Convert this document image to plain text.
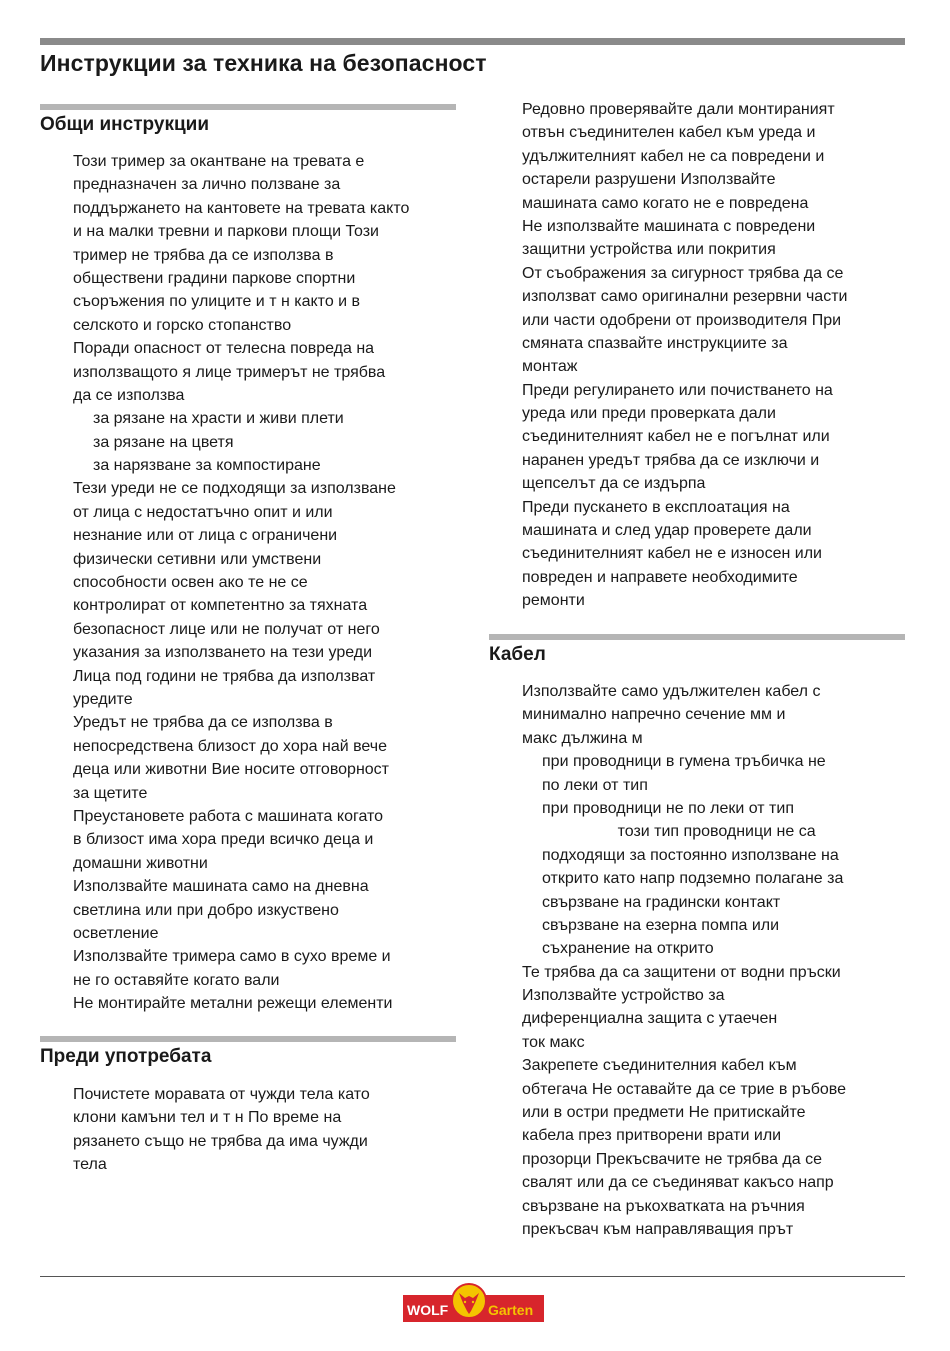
Инструкции за техника на безопасност
Общи инструкции
Този тример за окантване на тревата е
предназначен за лично ползване за
поддържането на кантовете на тревата както
и на малки тревни и паркови площи Този
тример не трябва да се използва в
обществени градини паркове спортни
съоръжения по улиците и т н както и в
селското и горско стопанство
Поради опасност от телесна повреда на
използващото я лице тримерът не трябва
да се използва
за рязане на храсти и живи плети
за рязане на цветя
за нарязване за компостиране
Тези уреди не се подходящи за използване
от лица с недостатъчно опит и или
незнание или от лица с ограничени
физически сетивни или умствени
способности освен ако те не се
контролират от компетентно за тяхната
безопасност лице или не получат от него
указания за използването на тези уреди
Лица под години не трябва да използват
уредите
Уредът не трябва да се използва в
непосредствена близост до хора най вече
деца или животни Вие носите отговорност
за щетите
Преустановете работа с машината когато
в близост има хора преди всичко деца и
домашни животни
Използвайте машината само на дневна
светлина или при добро изкуствено
осветление
Използвайте тримера само в сухо време и
не го оставяйте когато вали
Не монтирайте метални режещи елементи
Преди употребата
Почистете моравата от чужди тела като
клони камъни тел и т н По време на
рязането също не трябва да има чужди
тела
Редовно проверявайте дали монтираният
отвън съединителен кабел към уреда и
удължителният кабел не са повредени и
остарели разрушени Използвайте
машината само когато не е повредена
Не използвайте машината с повредени
защитни устройства или покрития
От съображения за сигурност трябва да се
използват само оригинални резервни части
или части одобрени от производителя При
смяната спазвайте инструкциите за
монтаж
Преди регулирането или почистването на
уреда или преди проверката дали
съединителният кабел не е погълнат или
наранен уредът трябва да се изключи и
щепселът да се издърпа
Преди пускането в експлоатация на
машината и след удар проверете дали
съединителният кабел не е износен или
повреден и направете необходимите
ремонти
Кабел
Използвайте само удължителен кабел с
минимално напречно сечение мм и
макс дължина м
при проводници в гумена тръбичка не
по леки от тип
при проводници не по леки от тип
този тип проводници не са
подходящи за постоянно използване на
открито като напр подземно полагане за
свързване на градински контакт
свързване на езерна помпа или
съхранение на открито
Те трябва да са защитени от водни пръски
Използвайте устройство за
диференциална защита с утаечен
ток макс
Закрепете съединителния кабел към
обтегача Не оставайте да се трие в ръбове
или в остри предмети Не притискайте
кабела през притворени врати или
прозорци Прекъсвачите не трябва да се
свалят или да се съединяват какъсо напр
свързване на ръкохватката на ръчния
прекъсвач към направляващия прът
WOLF	Garten
